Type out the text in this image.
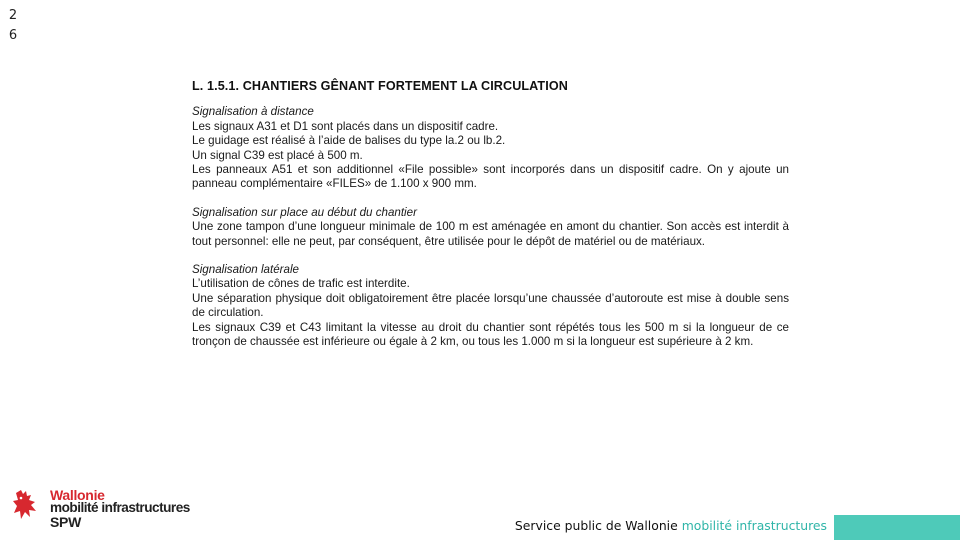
2
6

L. 1.5.1. CHANTIERS GÊNANT FORTEMENT LA CIRCULATION

Signalisation à distance

Les signaux A31 et D1 sont placés dans un dispositif cadre.

Le guidage est réalisé à l’aide de balises du type la.2 ou lb.2.

Un signal C39 est placé à 500 m.

Les panneaux A51 et son additionnel «File possible» sont incorporés dans un dispositif cadre. On y ajoute un panneau complémentaire «FILES» de 1.100 x 900 mm.

Signalisation sur place au début du chantier

Une zone tampon d’une longueur minimale de 100 m est aménagée en amont du chantier. Son accès est interdit à tout personnel: elle ne peut, par conséquent, être utilisée pour le dépôt de matériel ou de matériaux.

Signalisation latérale

L’utilisation de cônes de trafic est interdite.

Une séparation physique doit obligatoirement être placée lorsqu’une chaussée d’autoroute est mise à double sens de circulation.

Les signaux C39 et C43 limitant la vitesse au droit du chantier sont répétés tous les 500 m si la longueur de ce tronçon de chaussée est inférieure ou égale à 2 km, ou tous les 1.000 m si la longueur est supérieure à 2 km.

Wallonie
mobilité infrastructures
SPW	Service public de Wallonie mobilité infrastructures
